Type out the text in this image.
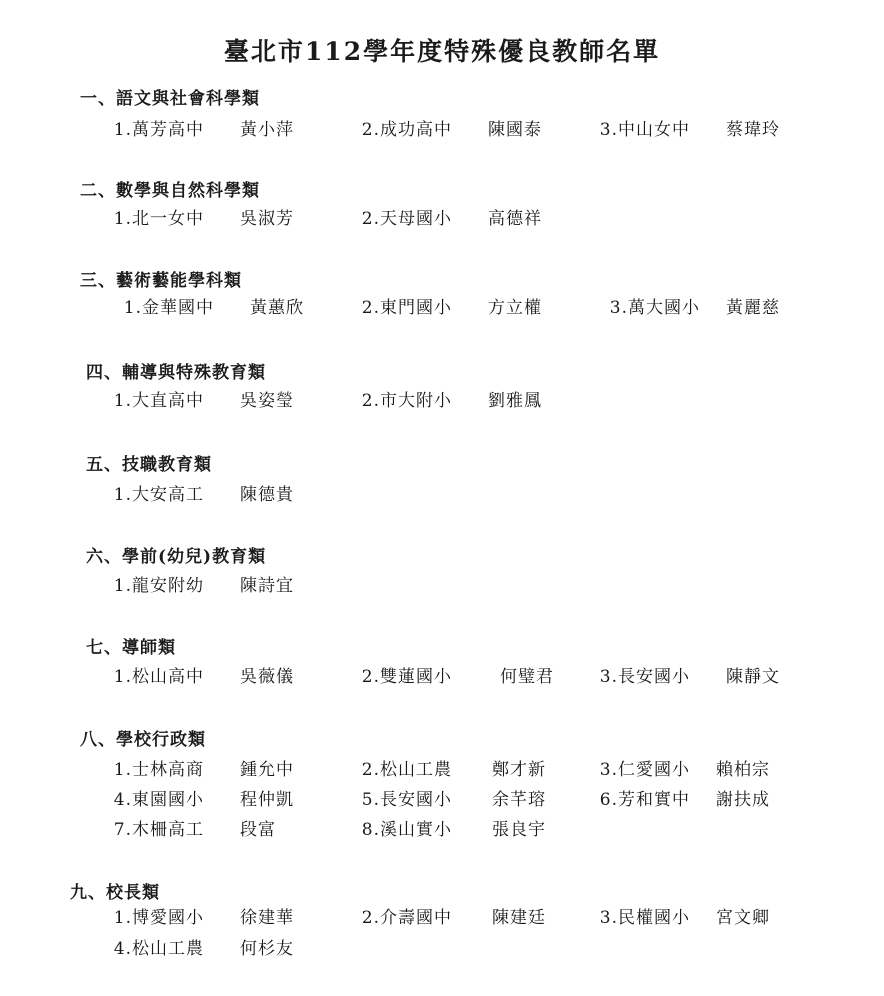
臺北市112學年度特殊優良教師名單
一、語文與社會科學類
1.萬芳高中 黃小萍	2.成功高中 陳國泰	3.中山女中 蔡瑋玲
二、數學與自然科學類
1.北一女中 吳淑芳	2.天母國小 高德祥
三、藝術藝能學科類
1.金華國中 黃蕙欣	2.東門國小 方立權	3.萬大國小 黃麗慈
四、輔導與特殊教育類
1.大直高中 吳姿瑩	2.市大附小 劉雅鳳
五、技職教育類
1.大安高工 陳德貴
六、學前(幼兒)教育類
1.龍安附幼 陳詩宜
七、導師類
1.松山高中 吳薇儀	2.雙蓮國小	何璧君	3.長安國小 陳靜文
八、學校行政類
1.士林高商 鍾允中	2.松山工農 鄭才新	3.仁愛國小 賴柏宗
4.東園國小 程仲凱	5.長安國小 余芊瑢	6.芳和實中 謝扶成
7.木柵高工 段富	8.溪山實小 張良宇
九、校長類
1.博愛國小 徐建華	2.介壽國中 陳建廷	3.民權國小 宮文卿
4.松山工農 何杉友
